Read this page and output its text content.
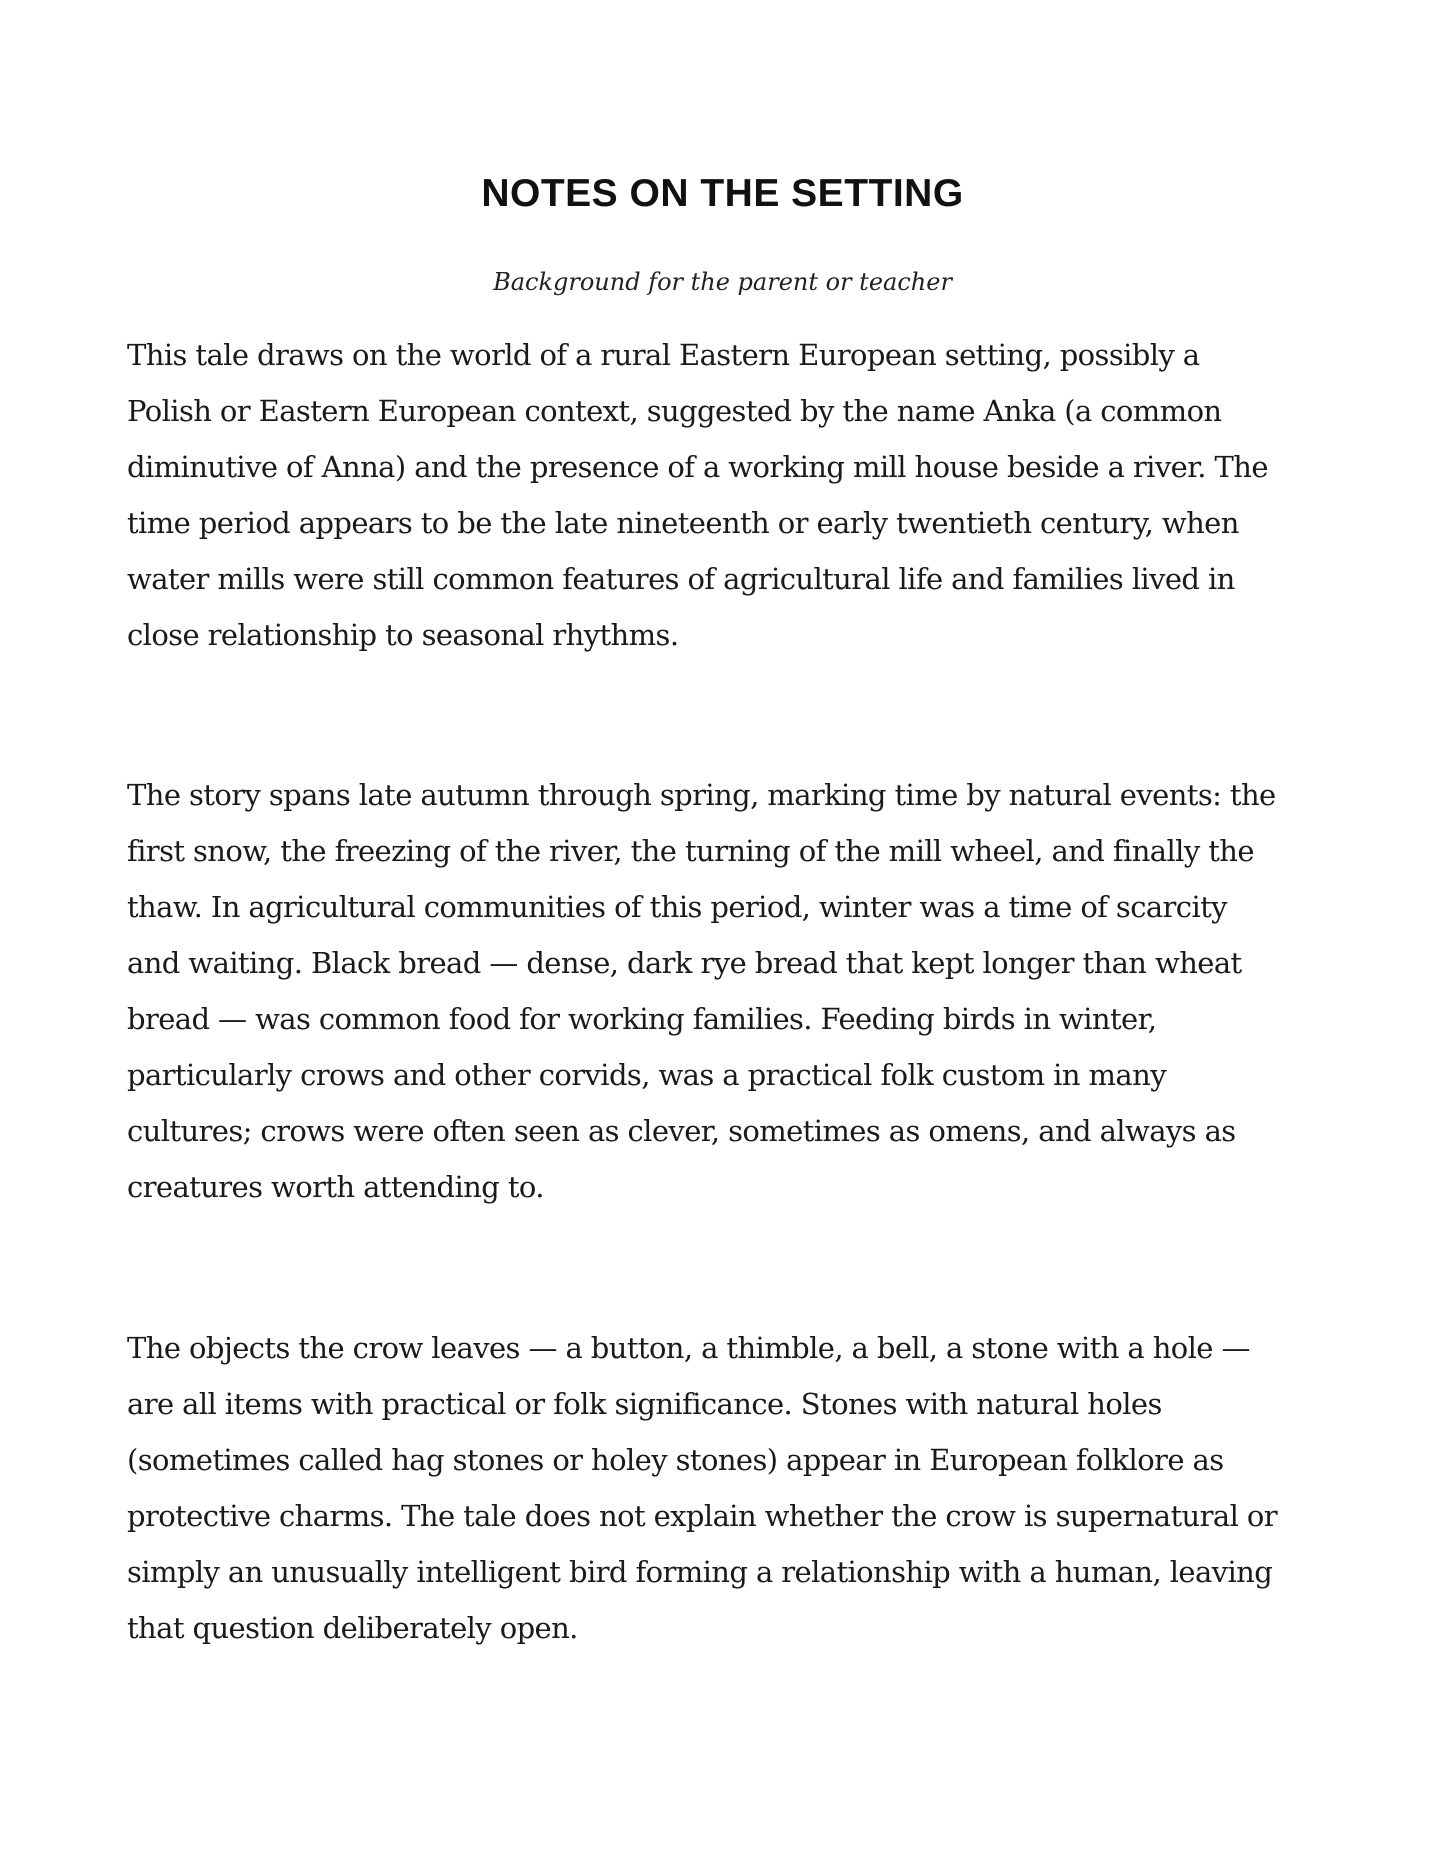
NOTES ON THE SETTING

Background for the parent or teacher

This tale draws on the world of a rural Eastern European setting, possibly a
Polish or Eastern European context, suggested by the name Anka (a common
diminutive of Anna) and the presence of a working mill house beside a river. The
time period appears to be the late nineteenth or early twentieth century, when
water mills were still common features of agricultural life and families lived in
close relationship to seasonal rhythms.

The story spans late autumn through spring, marking time by natural events: the
first snow, the freezing of the river, the turning of the mill wheel, and finally the
thaw. In agricultural communities of this period, winter was a time of scarcity
and waiting. Black bread — dense, dark rye bread that kept longer than wheat
bread — was common food for working families. Feeding birds in winter,
particularly crows and other corvids, was a practical folk custom in many
cultures; crows were often seen as clever, sometimes as omens, and always as
creatures worth attending to.

The objects the crow leaves — a button, a thimble, a bell, a stone with a hole —
are all items with practical or folk significance. Stones with natural holes
(sometimes called hag stones or holey stones) appear in European folklore as
protective charms. The tale does not explain whether the crow is supernatural or
simply an unusually intelligent bird forming a relationship with a human, leaving
that question deliberately open.
